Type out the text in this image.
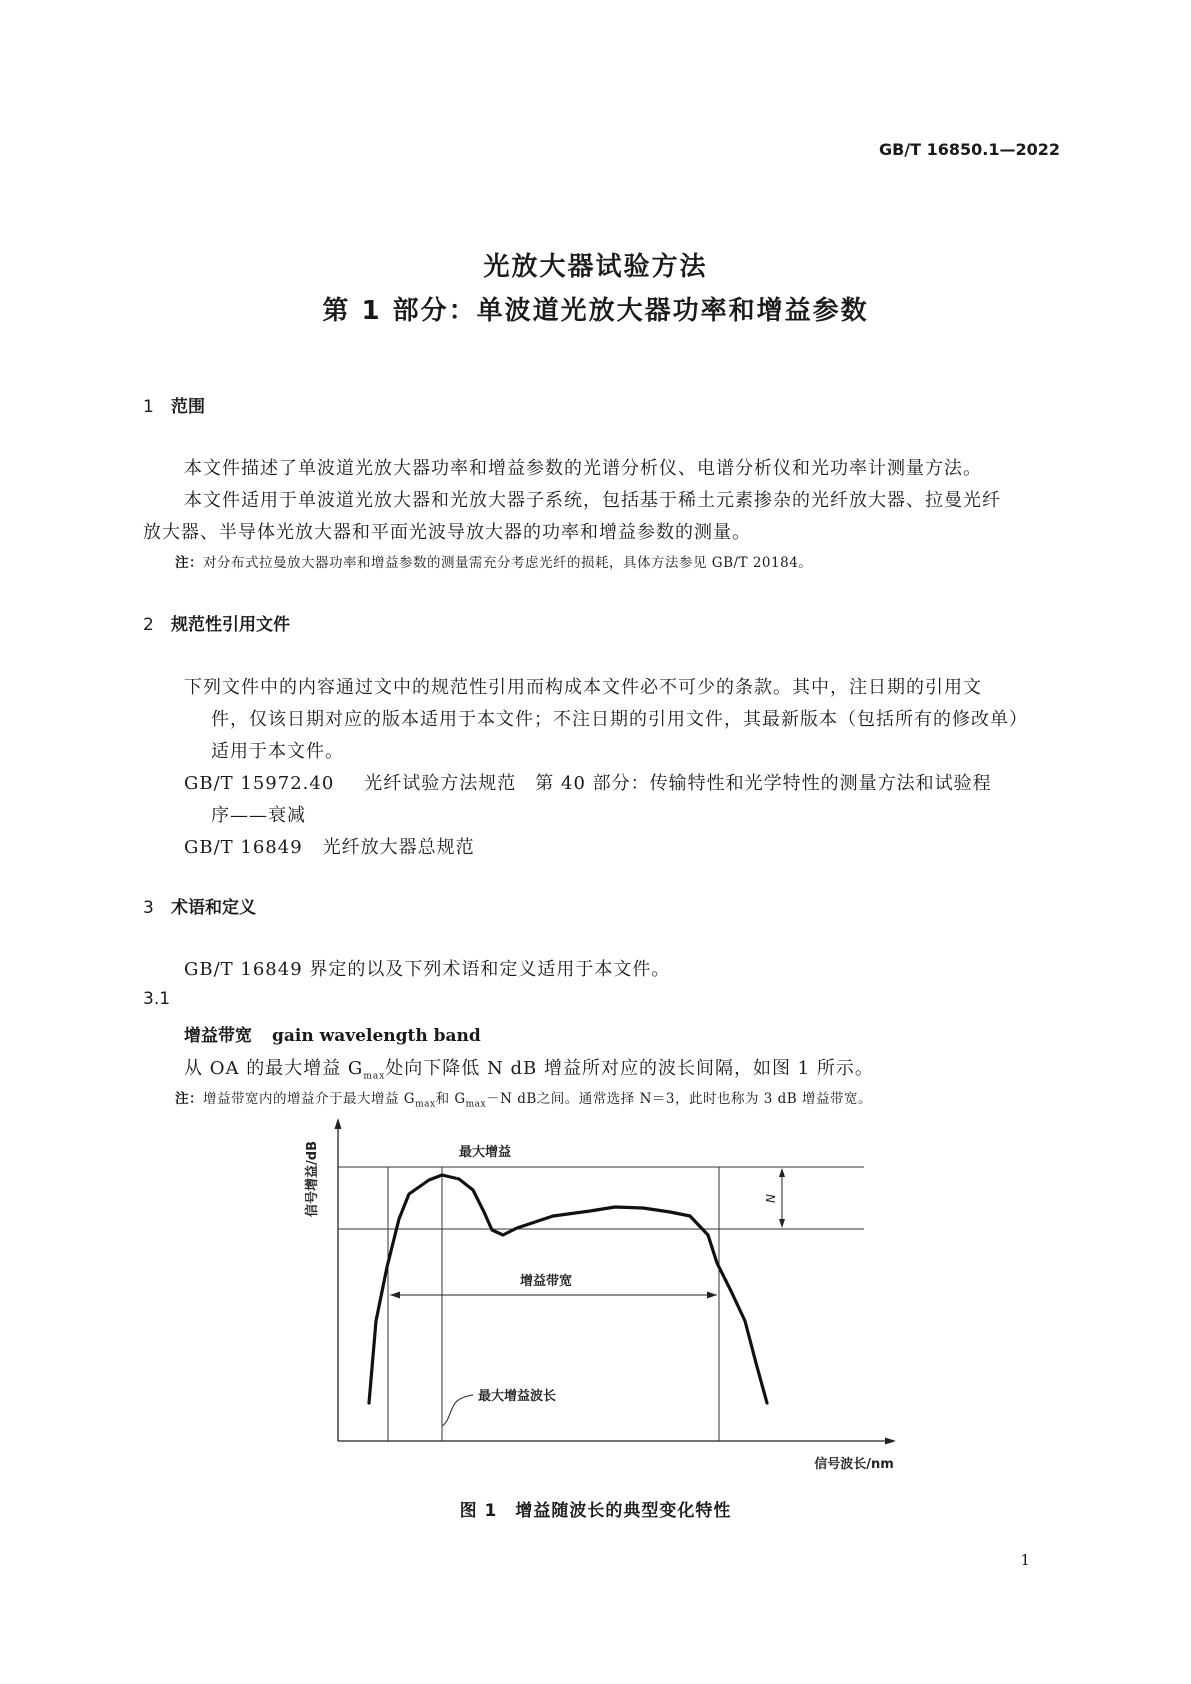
GB/T 16850.1—2022
光放大器试验方法
第 1 部分：单波道光放大器功率和增益参数
1 范围
本文件描述了单波道光放大器功率和增益参数的光谱分析仪、电谱分析仪和光功率计测量方法。
本文件适用于单波道光放大器和光放大器子系统，包括基于稀土元素掺杂的光纤放大器、拉曼光纤
放大器、半导体光放大器和平面光波导放大器的功率和增益参数的测量。
注：对分布式拉曼放大器功率和增益参数的测量需充分考虑光纤的损耗，具体方法参见 GB/T 20184。
2 规范性引用文件
下列文件中的内容通过文中的规范性引用而构成本文件必不可少的条款。其中，注日期的引用文
件，仅该日期对应的版本适用于本文件；不注日期的引用文件，其最新版本（包括所有的修改单）
适用于本文件。
GB/T 15972.40 光纤试验方法规范　第 40 部分：传输特性和光学特性的测量方法和试验程
序——衰减
GB/T 16849 光纤放大器总规范
3 术语和定义
GB/T 16849 界定的以及下列术语和定义适用于本文件。
3.1
增益带宽 gain wavelength band
从 OA 的最大增益 $G_{max}$处向下降低 N dB 增益所对应的波长间隔，如图 1 所示。
注：增益带宽内的增益介于最大增益 $G_{max}$和 $G_{max}-N$ dB之间。通常选择 N＝3，此时也称为 3 dB 增益带宽。
N
最大增益
增益带宽
最大增益波长
信号增益/dB
信号波长/nm
图 1　增益随波长的典型变化特性
1
